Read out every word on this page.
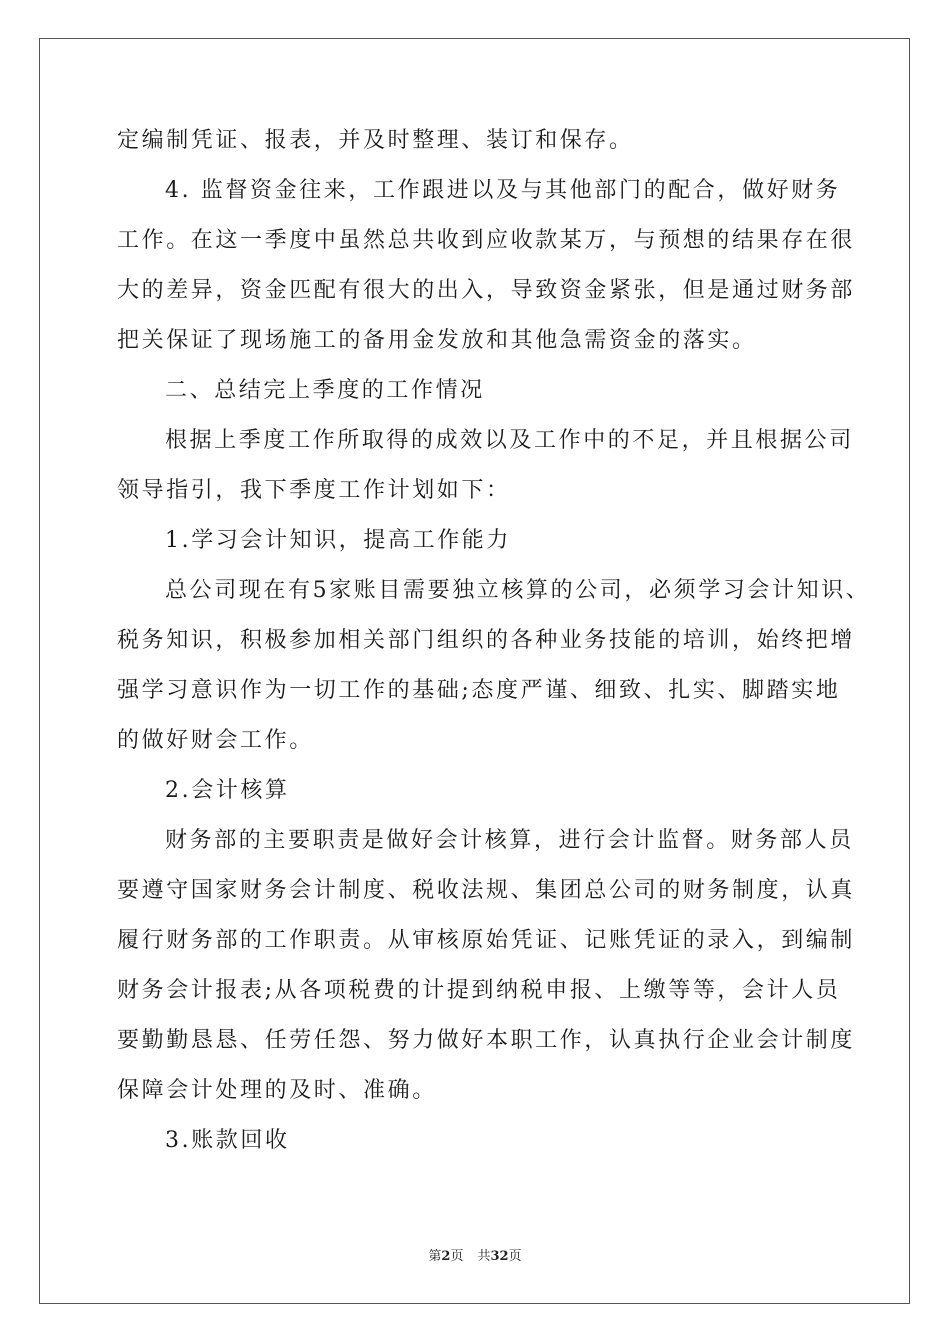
定编制凭证、报表，并及时整理、装订和保存。
4. 监督资金往来，工作跟进以及与其他部门的配合，做好财务
工作。在这一季度中虽然总共收到应收款某万，与预想的结果存在很
大的差异，资金匹配有很大的出入，导致资金紧张，但是通过财务部
把关保证了现场施工的备用金发放和其他急需资金的落实。
二、总结完上季度的工作情况
根据上季度工作所取得的成效以及工作中的不足，并且根据公司
领导指引，我下季度工作计划如下：
1.学习会计知识，提高工作能力
总公司现在有5家账目需要独立核算的公司，必须学习会计知识、
税务知识，积极参加相关部门组织的各种业务技能的培训，始终把增
强学习意识作为一切工作的基础;态度严谨、细致、扎实、脚踏实地
的做好财会工作。
2.会计核算
财务部的主要职责是做好会计核算，进行会计监督。财务部人员
要遵守国家财务会计制度、税收法规、集团总公司的财务制度，认真
履行财务部的工作职责。从审核原始凭证、记账凭证的录入，到编制
财务会计报表;从各项税费的计提到纳税申报、上缴等等，会计人员
要勤勤恳恳、任劳任怨、努力做好本职工作，认真执行企业会计制度
保障会计处理的及时、准确。
3.账款回收
第2页 共32页
